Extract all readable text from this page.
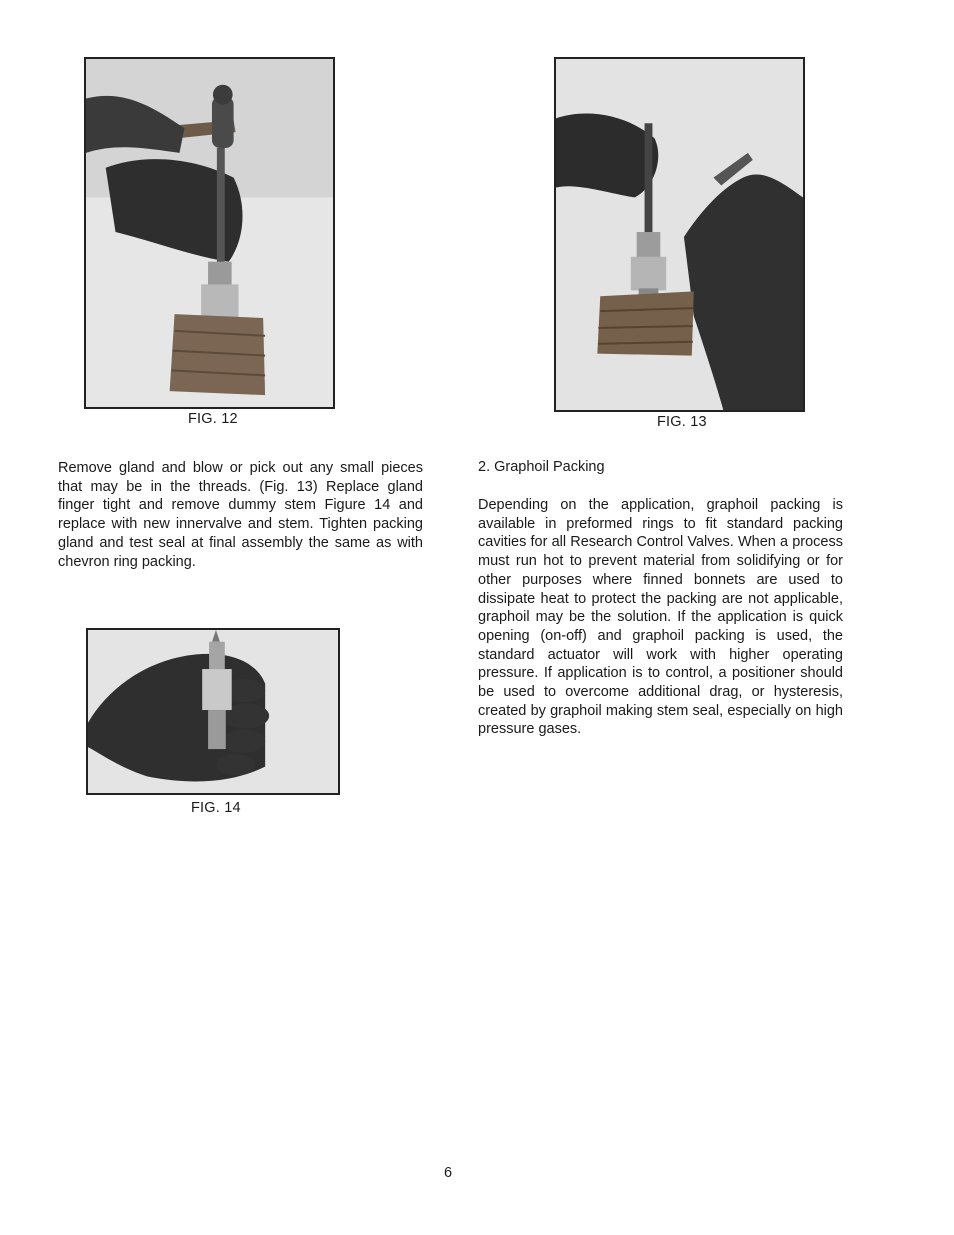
FIG. 12	FIG. 13

Remove gland and blow or pick out any small pieces that may be in the threads. (Fig. 13) Replace gland finger tight and remove dummy stem Figure 14 and replace with new innervalve and stem. Tighten packing gland and test seal at final assembly the same as with chevron ring packing.

2. Graphoil Packing

Depending on the application, graphoil packing is available in preformed rings to fit standard packing cavities for all Research Control Valves. When a process must run hot to prevent material from solidifying or for other purposes where finned bonnets are used to dissipate heat to protect the packing are not applicable, graphoil may be the solution. If the application is quick opening (on-off) and graphoil packing is used, the standard actuator will work with higher operating pressure. If application is to control, a positioner should be used to overcome additional drag, or hysteresis, created by graphoil making stem seal, especially on high pressure gases.

FIG. 14
6
